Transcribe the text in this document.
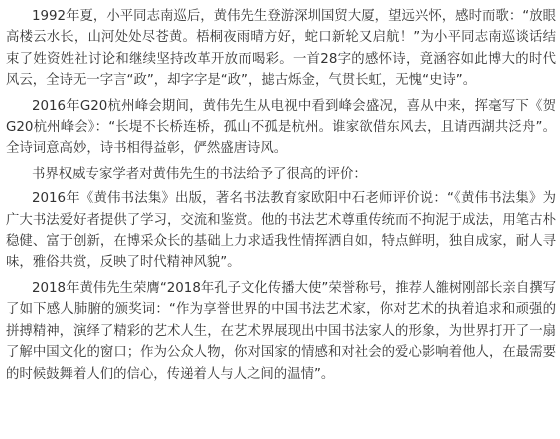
1992年夏，小平同志南巡后，黄伟先生登游深圳国贸大厦，望远兴怀，感时而歌：“放眼高楼云水长，山河处处尽苍黄。梧桐夜雨晴方好，蛇口新轮又启航！”为小平同志南巡谈话结束了姓资姓社讨论和继续坚持改革开放而喝彩。一首28字的感怀诗，竟涵容如此博大的时代风云，全诗无一字言“政”，却字字是“政”，摅古烁金，气贯长虹，无愧“史诗”。

2016年G20杭州峰会期间，黄伟先生从电视中看到峰会盛况，喜从中来，挥毫写下《贺G20杭州峰会》：“长堤不长桥连桥，孤山不孤是杭州。谁家欲借东风去，且请西湖共泛舟”。全诗词意高妙，诗书相得益彰，俨然盛唐诗风。

书界权威专家学者对黄伟先生的书法给予了很高的评价：

2016年《黄伟书法集》出版，著名书法教育家欧阳中石老师评价说：“《黄伟书法集》为广大书法爱好者提供了学习，交流和鉴赏。他的书法艺术尊重传统而不拘泥于成法，用笔古朴稳健、富于创新，在博采众长的基础上力求适我性情挥洒自如，特点鲜明，独自成家，耐人寻味，雅俗共赏，反映了时代精神风貌”。

2018年黄伟先生荣膺“2018年孔子文化传播大使”荣誉称号，推荐人雒树刚部长亲自撰写了如下感人肺腑的颁奖词：“作为享誉世界的中国书法艺术家，你对艺术的执着追求和顽强的拼搏精神，演绎了精彩的艺术人生，在艺术界展现出中国书法家人的形象，为世界打开了一扇了解中国文化的窗口；作为公众人物，你对国家的情感和对社会的爱心影响着他人，在最需要的时候鼓舞着人们的信心，传递着人与人之间的温情”。
